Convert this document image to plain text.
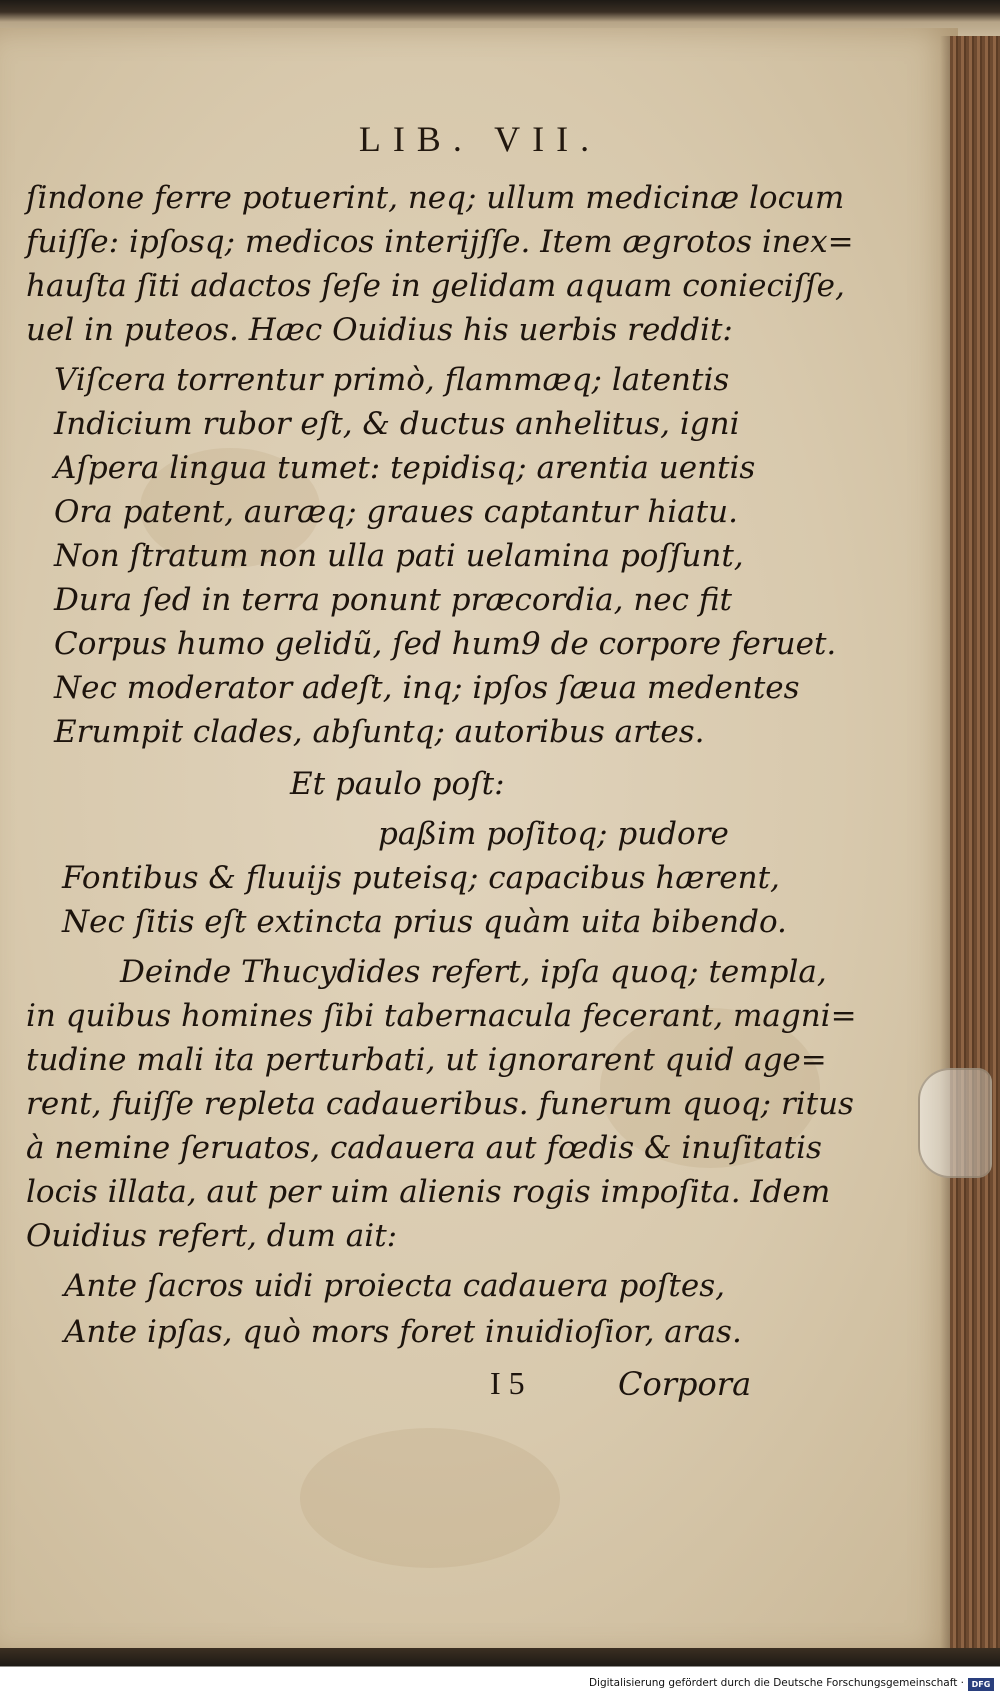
LIB. VII.
ſindone ferre potuerint, neq; ullum medicinæ locum
fuiſſe: ipſosq; medicos interijſſe. Item ægrotos inex=
hauſta ſiti adactos ſeſe in gelidam aquam conieciſſe,
uel in puteos. Hæc Ouidius his uerbis reddit:
Viſcera torrentur primò, flammæq; latentis
Indicium rubor eſt, & ductus anhelitus, igni
Aſpera lingua tumet: tepidisq; arentia uentis
Ora patent, auræq; graues captantur hiatu.
Non ſtratum non ulla pati uelamina poſſunt,
Dura ſed in terra ponunt præcordia, nec fit
Corpus humo gelidũ, ſed hum9 de corpore feruet.
Nec moderator adeſt, inq; ipſos ſæua medentes
Erumpit clades, abſuntq; autoribus artes.
Et paulo poſt:
paßim poſitoq; pudore
Fontibus & fluuijs puteisq; capacibus hærent,
Nec ſitis eſt extincta prius quàm uita bibendo.
Deinde Thucydides refert, ipſa quoq; templa,
in quibus homines ſibi tabernacula fecerant, magni=
tudine mali ita perturbati, ut ignorarent quid age=
rent, fuiſſe repleta cadaueribus. funerum quoq; ritus
à nemine ſeruatos, cadauera aut fœdis & inuſitatis
locis illata, aut per uim alienis rogis impoſita. Idem
Ouidius refert, dum ait:
Ante ſacros uidi proiecta cadauera poſtes,
Ante ipſas, quò mors foret inuidioſior, aras.
I 5	Corpora
Digitalisierung gefördert durch die Deutsche Forschungsgemeinschaft · DFG
